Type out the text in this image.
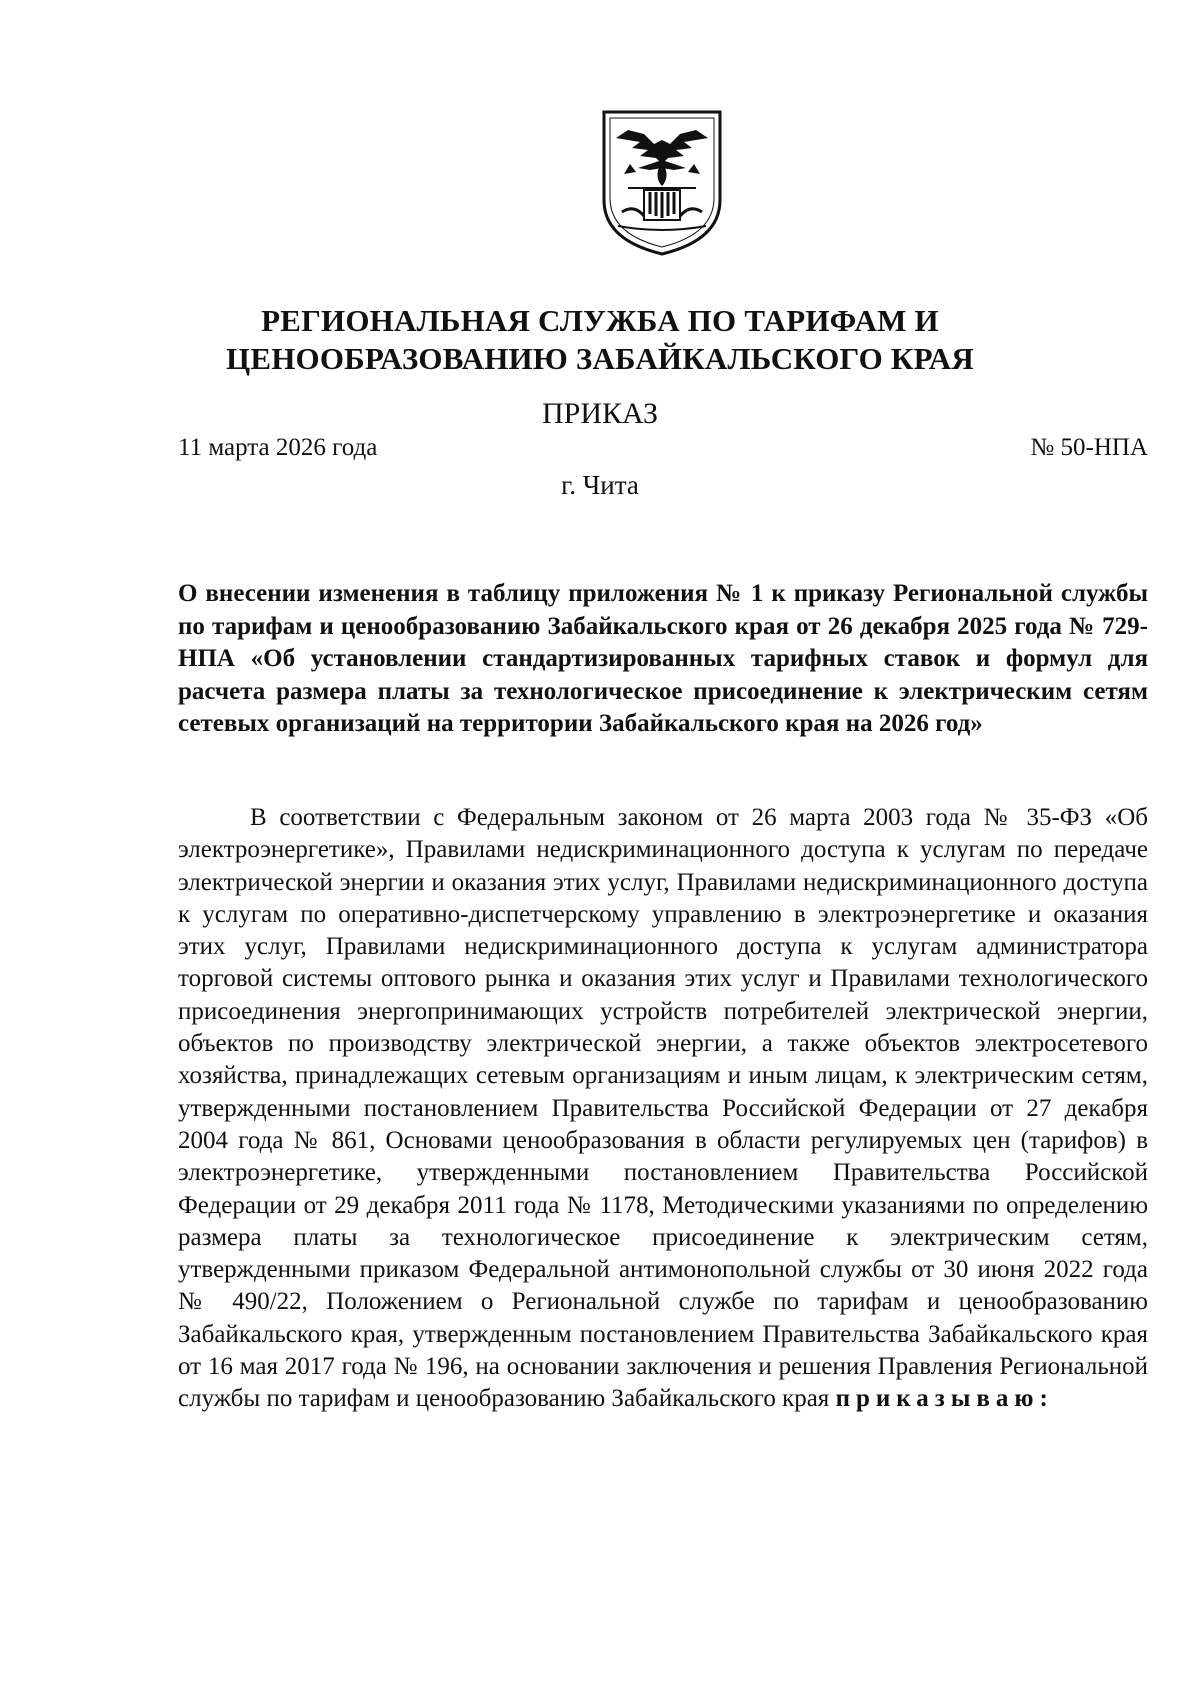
РЕГИОНАЛЬНАЯ СЛУЖБА ПО ТАРИФАМ И
ЦЕНООБРАЗОВАНИЮ ЗАБАЙКАЛЬСКОГО КРАЯ
ПРИКАЗ
11 марта 2026 года	№ 50-НПА
г. Чита
О внесении изменения в таблицу приложения № 1 к приказу Региональной службы по тарифам и ценообразованию Забайкальского края от 26 декабря 2025 года № 729-НПА «Об установлении стандартизированных тарифных ставок и формул для расчета размера платы за технологическое присоединение к электрическим сетям сетевых организаций на территории Забайкальского края на 2026 год»
В соответствии с Федеральным законом от 26 марта 2003 года № 35-ФЗ «Об электроэнергетике», Правилами недискриминационного доступа к услугам по передаче электрической энергии и оказания этих услуг, Правилами недискриминационного доступа к услугам по оперативно-диспетчерскому управлению в электроэнергетике и оказания этих услуг, Правилами недискриминационного доступа к услугам администратора торговой системы оптового рынка и оказания этих услуг и Правилами технологического присоединения энергопринимающих устройств потребителей электрической энергии, объектов по производству электрической энергии, а также объектов электросетевого хозяйства, принадлежащих сетевым организациям и иным лицам, к электрическим сетям, утвержденными постановлением Правительства Российской Федерации от 27 декабря 2004 года № 861, Основами ценообразования в области регулируемых цен (тарифов) в электроэнергетике, утвержденными постановлением Правительства Российской Федерации от 29 декабря 2011 года № 1178, Методическими указаниями по определению размера платы за технологическое присоединение к электрическим сетям, утвержденными приказом Федеральной антимонопольной службы от 30 июня 2022 года № 490/22, Положением о Региональной службе по тарифам и ценообразованию Забайкальского края, утвержденным постановлением Правительства Забайкальского края от 16 мая 2017 года № 196, на основании заключения и решения Правления Региональной службы по тарифам и ценообразованию Забайкальского края приказываю:
